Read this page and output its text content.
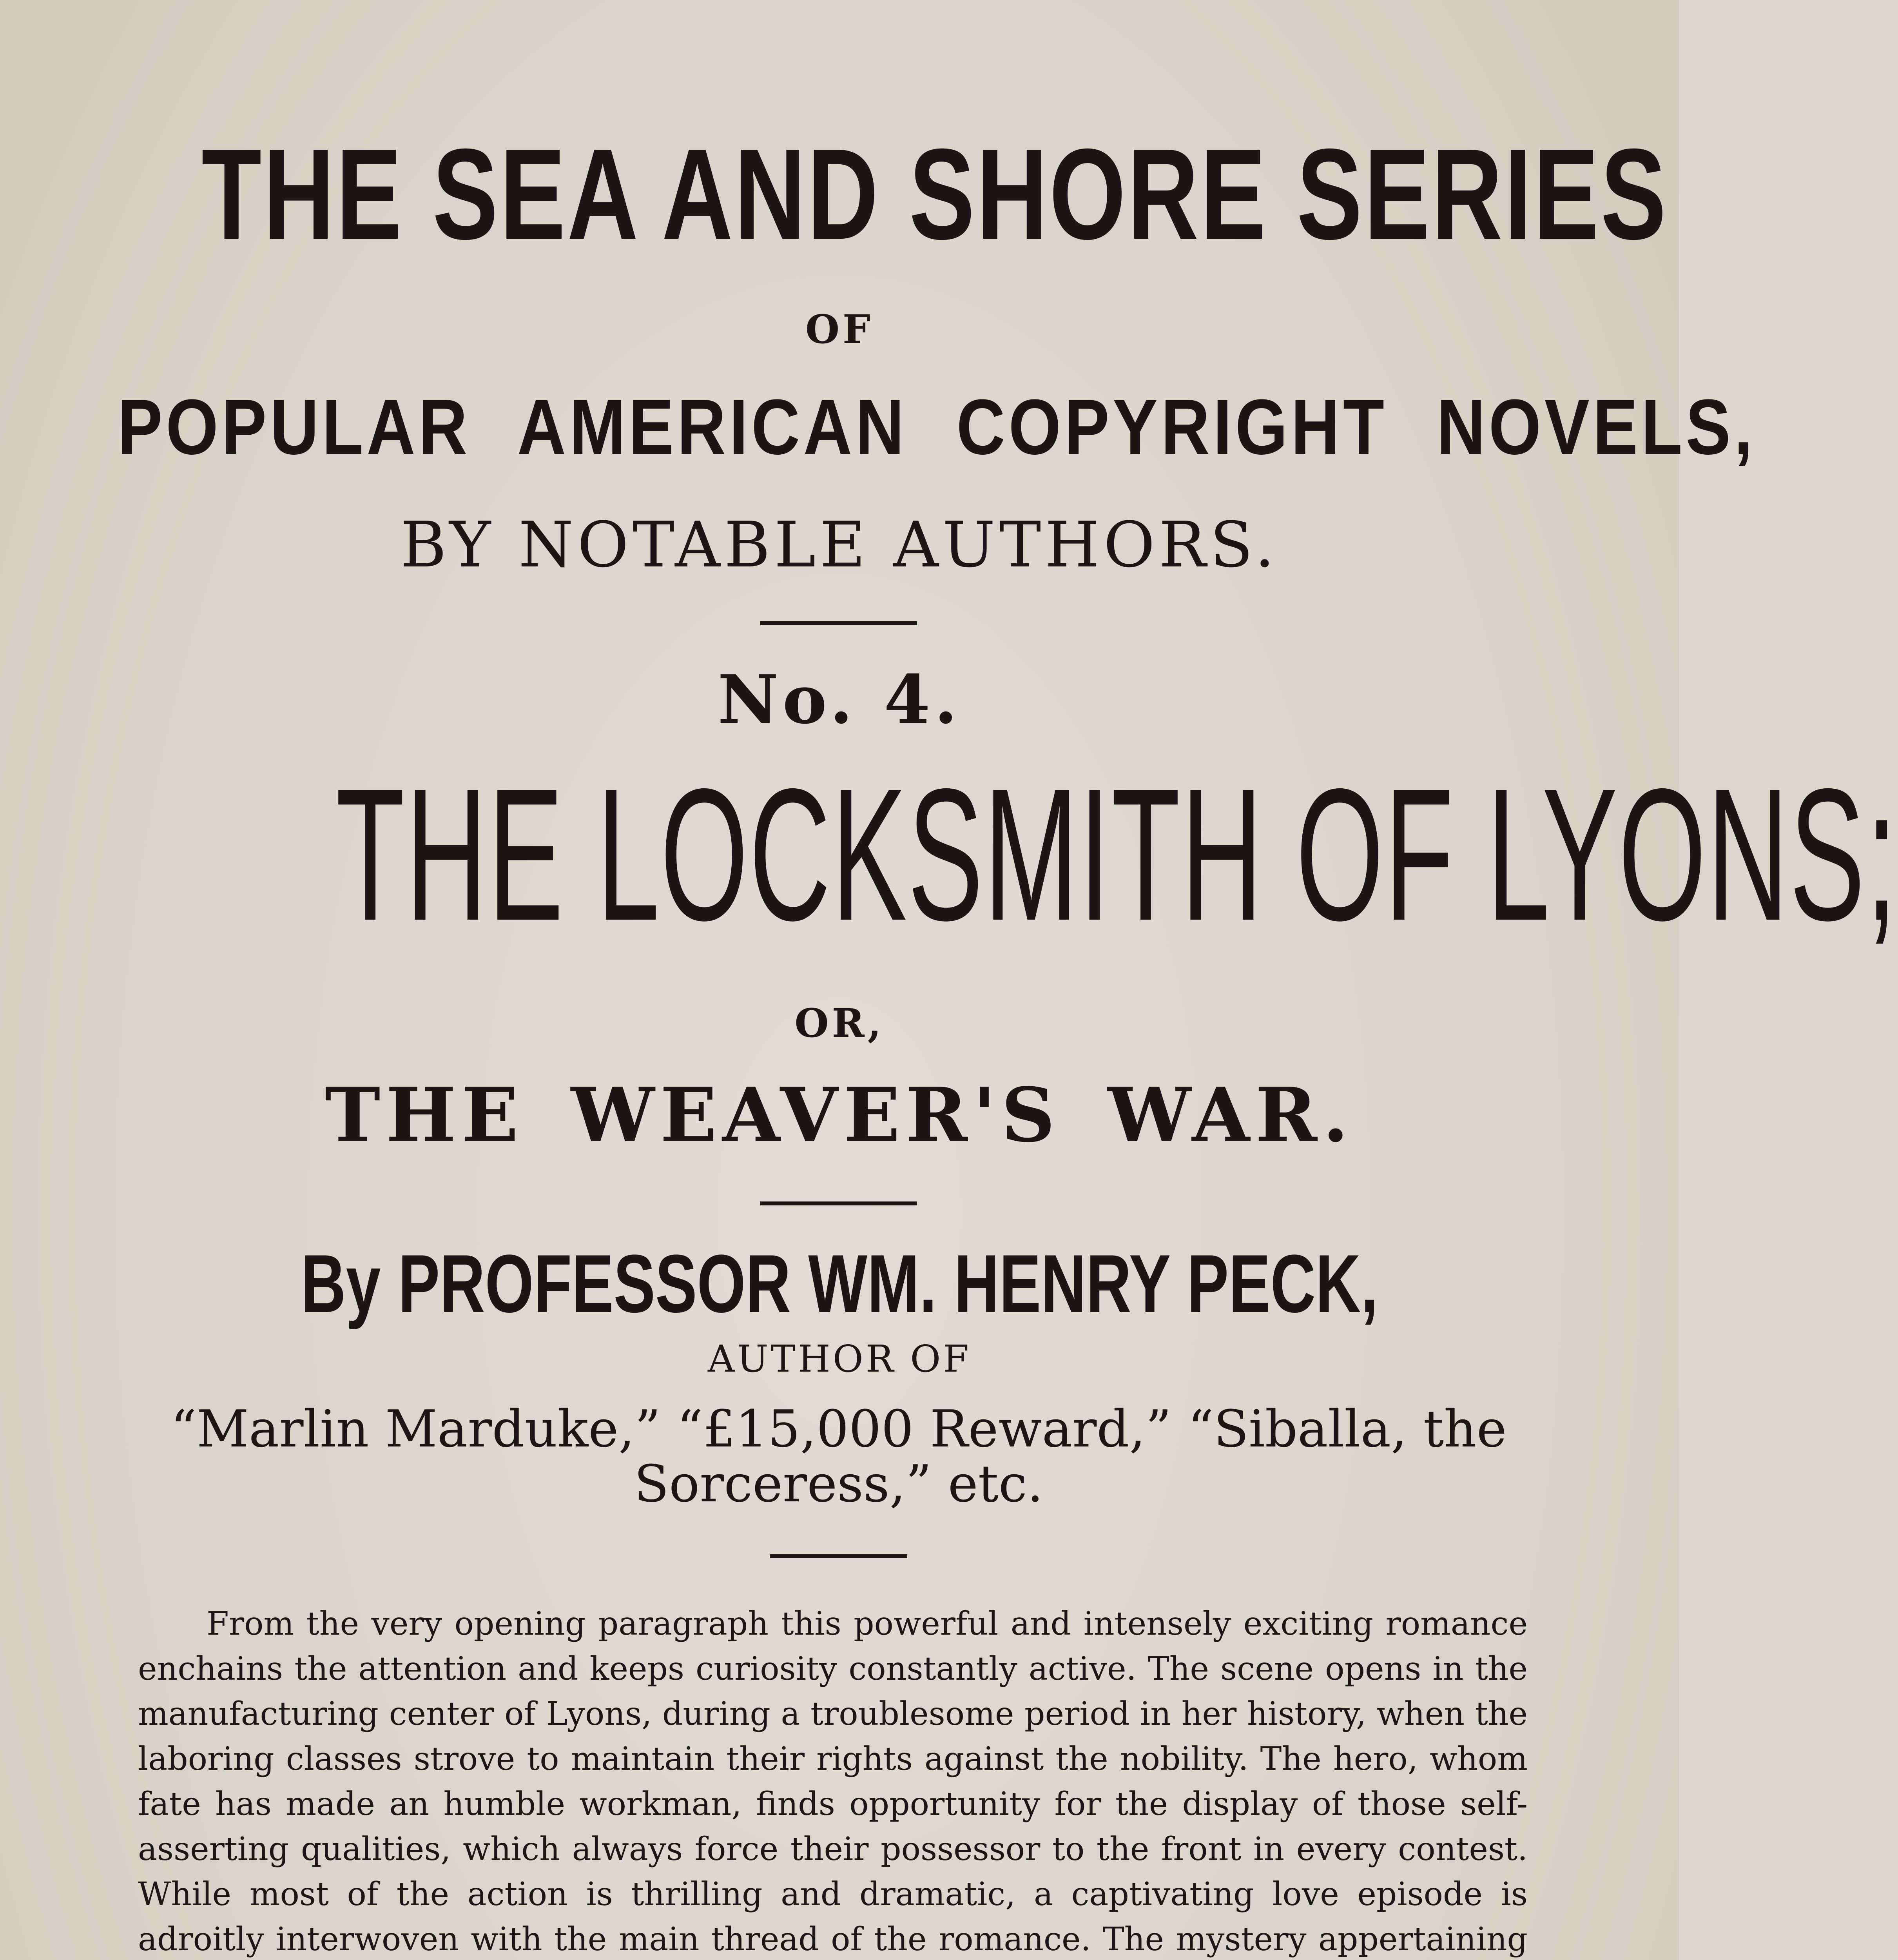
THE SEA AND SHORE SERIES
OF
POPULAR AMERICAN COPYRIGHT NOVELS,
BY NOTABLE AUTHORS.
No. 4.
THE LOCKSMITH OF LYONS;
OR,
THE WEAVER'S WAR.
By PROFESSOR WM. HENRY PECK,
AUTHOR OF
“Marlin Marduke,” “£15,000 Reward,” “Siballa, the Sorceress,” etc.
From the very opening paragraph this powerful and intensely exciting romance enchains the attention and keeps curiosity constantly active. The scene opens in the manufacturing center of Lyons, during a troublesome period in her history, when the laboring classes strove to maintain their rights against the nobility. The hero, whom fate has made an humble workman, finds opportunity for the display of those self-asserting qualities, which always force their possessor to the front in every contest. While most of the action is thrilling and dramatic, a captivating love episode is adroitly interwoven with the main thread of the romance. The mystery appertaining
